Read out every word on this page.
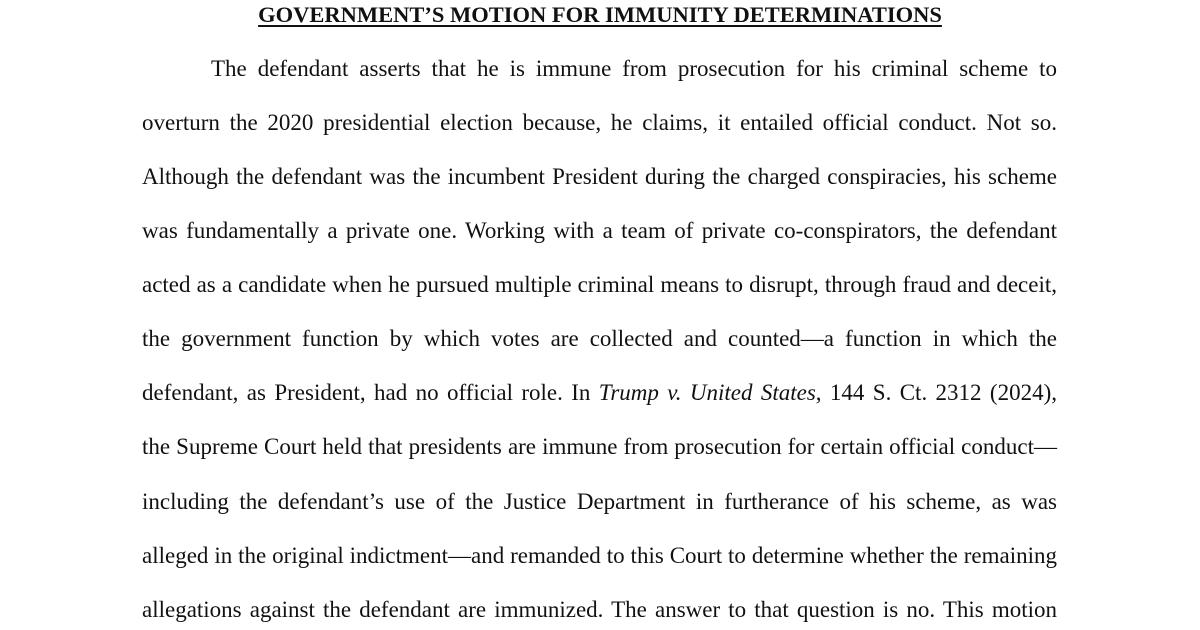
GOVERNMENT’S MOTION FOR IMMUNITY DETERMINATIONS
The defendant asserts that he is immune from prosecution for his criminal scheme to
overturn the 2020 presidential election because, he claims, it entailed official conduct. Not so.
Although the defendant was the incumbent President during the charged conspiracies, his scheme
was fundamentally a private one. Working with a team of private co-conspirators, the defendant
acted as a candidate when he pursued multiple criminal means to disrupt, through fraud and deceit,
the government function by which votes are collected and counted—a function in which the
defendant, as President, had no official role. In Trump v. United States, 144 S. Ct. 2312 (2024),
the Supreme Court held that presidents are immune from prosecution for certain official conduct—
including the defendant’s use of the Justice Department in furtherance of his scheme, as was
alleged in the original indictment—and remanded to this Court to determine whether the remaining
allegations against the defendant are immunized. The answer to that question is no. This motion
